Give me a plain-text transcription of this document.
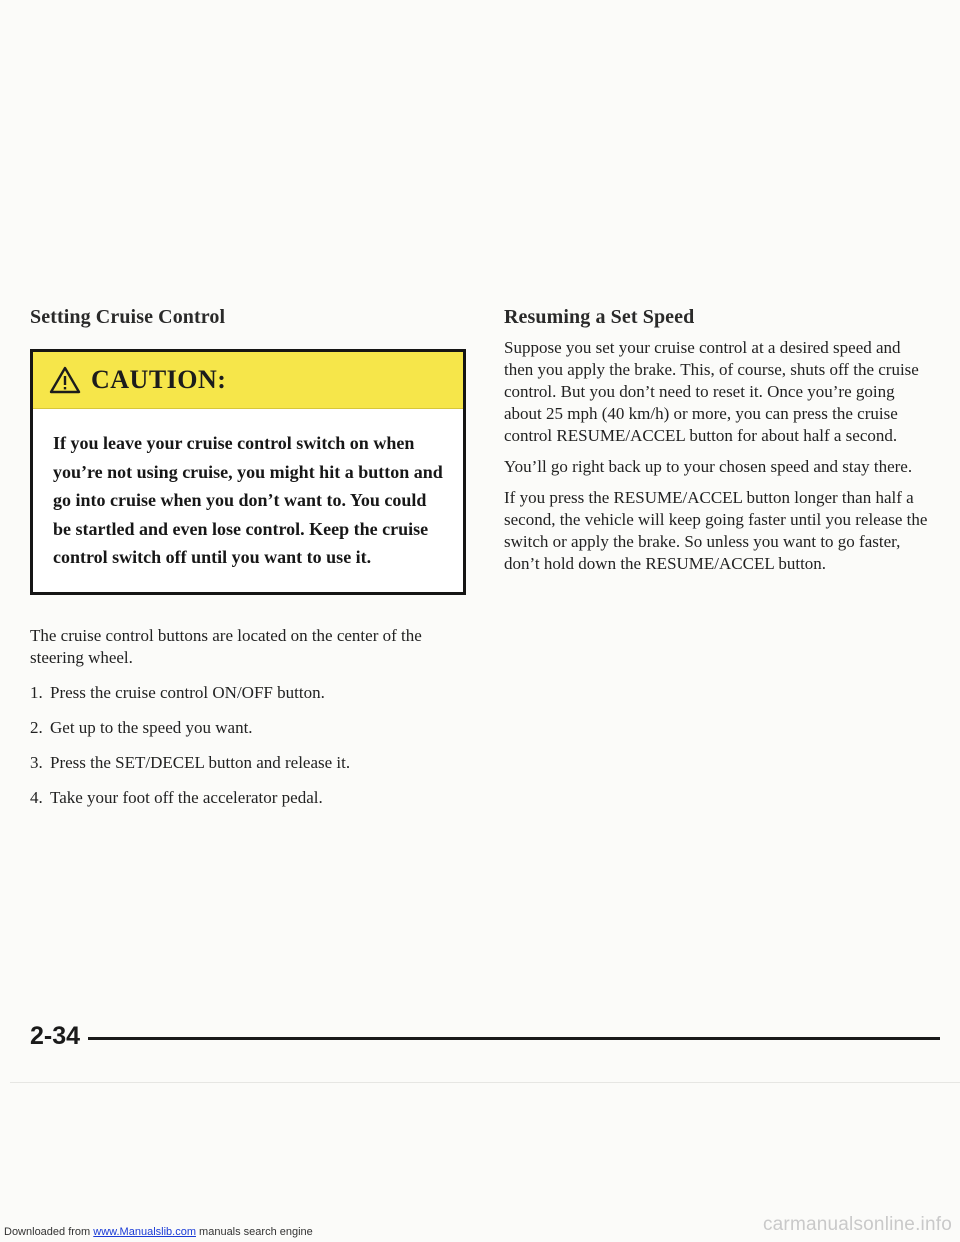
Setting Cruise Control
CAUTION:
If you leave your cruise control switch on when you’re not using cruise, you might hit a button and go into cruise when you don’t want to. You could be startled and even lose control. Keep the cruise control switch off until you want to use it.

The cruise control buttons are located on the center of the steering wheel.

1. Press the cruise control ON/OFF button.
2. Get up to the speed you want.
3. Press the SET/DECEL button and release it.
4. Take your foot off the accelerator pedal.
Resuming a Set Speed

Suppose you set your cruise control at a desired speed and then you apply the brake. This, of course, shuts off the cruise control. But you don’t need to reset it. Once you’re going about 25 mph (40 km/h) or more, you can press the cruise control RESUME/ACCEL button for about half a second.

You’ll go right back up to your chosen speed and stay there.

If you press the RESUME/ACCEL button longer than half a second, the vehicle will keep going faster until you release the switch or apply the brake. So unless you want to go faster, don’t hold down the RESUME/ACCEL button.

2-34
Downloaded from www.Manualslib.com manuals search engine	carmanualsonline.info
